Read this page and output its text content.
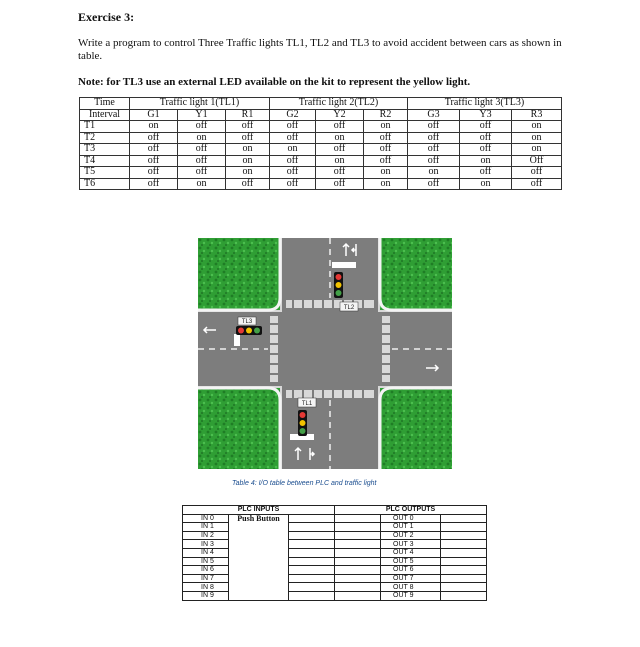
Exercise 3:
Write a program to control Three Traffic lights TL1, TL2 and TL3 to avoid accident between cars as shown in table.
Note: for TL3 use an external LED available on the kit to represent the yellow light.
Time	Traffic light 1(TL1)			Traffic light 2(TL2)			Traffic light 3(TL3)		
Interval	G1	Y1	R1	G2	Y2	R2	G3	Y3	R3
T1	on	off	off	off	off	on	off	off	on
T2	off	on	off	off	on	off	off	off	on
T3	off	off	on	on	off	off	off	off	on
T4	off	off	on	off	on	off	off	on	Off
T5	off	off	on	off	off	on	on	off	off
T6	off	on	off	off	off	on	off	on	off
TL2
TL3
TL1
Table 4: I/O table between PLC and traffic light
PLC INPUTS			PLC OUTPUTS		
IN 0	Push Button			OUT 0	
IN 1				OUT 1	
IN 2				OUT 2	
IN 3				OUT 3	
IN 4				OUT 4	
IN 5				OUT 5	
IN 6				OUT 6	
IN 7				OUT 7	
IN 8				OUT 8	
IN 9				OUT 9	
